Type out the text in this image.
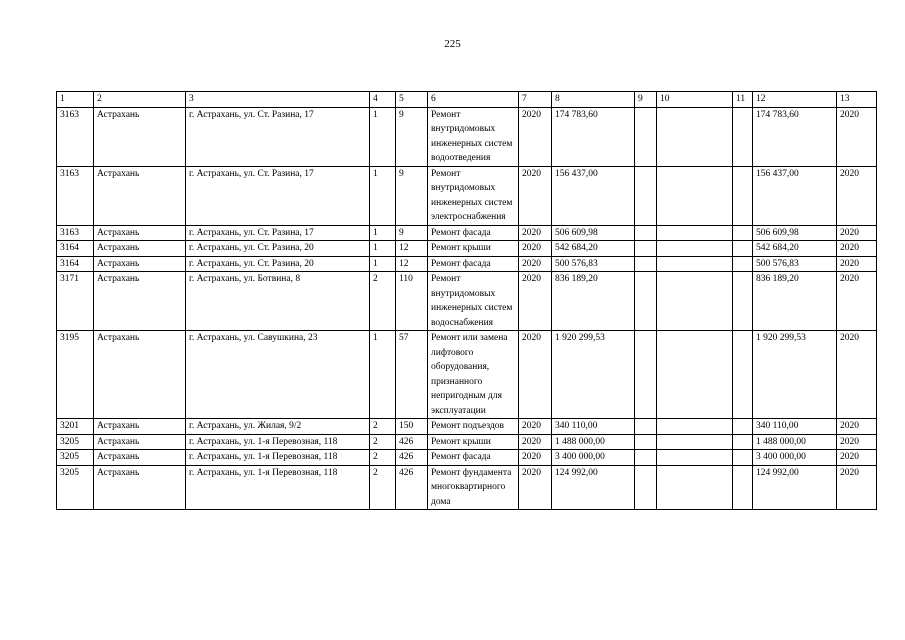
225
1	2	3	4	5	6	7	8	9	10	11	12	13
3163	Астрахань	г. Астрахань, ул. Ст. Разина, 17	1	9	Ремонт внутридомовых инженерных систем водоотведения	2020	174 783,60				174 783,60	2020
3163	Астрахань	г. Астрахань, ул. Ст. Разина, 17	1	9	Ремонт внутридомовых инженерных систем электроснабжения	2020	156 437,00				156 437,00	2020
3163	Астрахань	г. Астрахань, ул. Ст. Разина, 17	1	9	Ремонт фасада	2020	506 609,98				506 609,98	2020
3164	Астрахань	г. Астрахань, ул. Ст. Разина, 20	1	12	Ремонт крыши	2020	542 684,20				542 684,20	2020
3164	Астрахань	г. Астрахань, ул. Ст. Разина, 20	1	12	Ремонт фасада	2020	500 576,83				500 576,83	2020
3171	Астрахань	г. Астрахань, ул. Ботвина, 8	2	110	Ремонт внутридомовых инженерных систем водоснабжения	2020	836 189,20				836 189,20	2020
3195	Астрахань	г. Астрахань, ул. Савушкина, 23	1	57	Ремонт или замена лифтового оборудования, признанного непригодным для эксплуатации	2020	1 920 299,53				1 920 299,53	2020
3201	Астрахань	г. Астрахань, ул. Жилая, 9/2	2	150	Ремонт подъездов	2020	340 110,00				340 110,00	2020
3205	Астрахань	г. Астрахань, ул. 1-я Перевозная, 118	2	426	Ремонт крыши	2020	1 488 000,00				1 488 000,00	2020
3205	Астрахань	г. Астрахань, ул. 1-я Перевозная, 118	2	426	Ремонт фасада	2020	3 400 000,00				3 400 000,00	2020
3205	Астрахань	г. Астрахань, ул. 1-я Перевозная, 118	2	426	Ремонт фундамента многоквартирного дома	2020	124 992,00				124 992,00	2020
